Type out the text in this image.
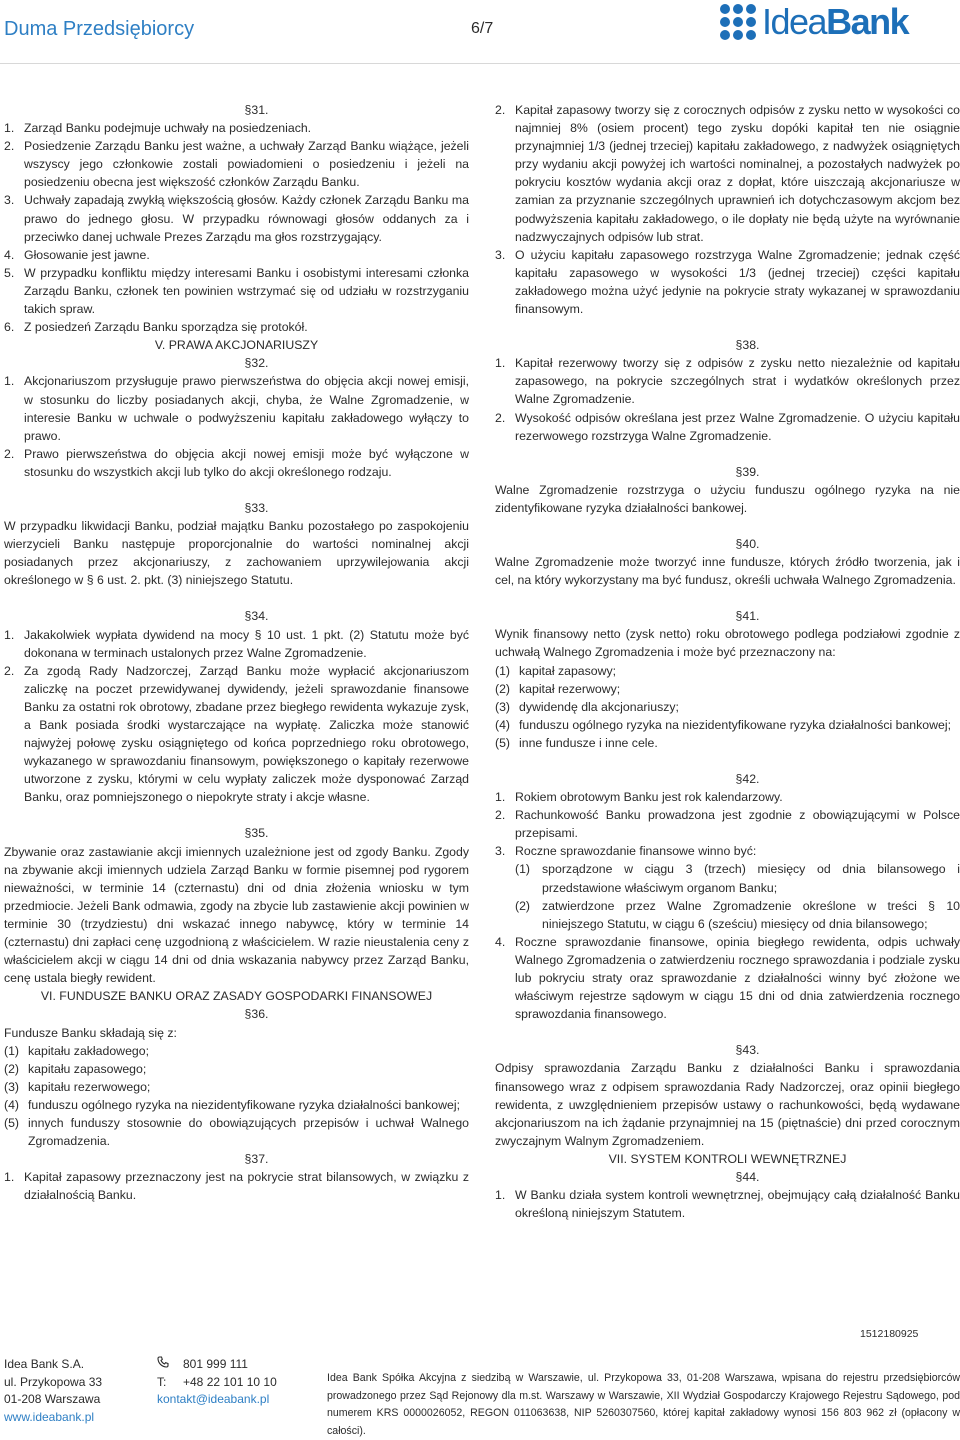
Duma Przedsiębiorcy	6/7	IdeaBank

§31.

1. Zarząd Banku podejmuje uchwały na posiedzeniach.
2. Posiedzenie Zarządu Banku jest ważne, a uchwały Zarząd Banku wiążące, jeżeli wszyscy jego członkowie zostali powiadomieni o posiedzeniu i jeżeli na posiedzeniu obecna jest większość członków Zarządu Banku.
3. Uchwały zapadają zwykłą większością głosów. Każdy członek Zarządu Banku ma prawo do jednego głosu. W przypadku równowagi głosów oddanych za i przeciwko danej uchwale Prezes Zarządu ma głos rozstrzygający.
4. Głosowanie jest jawne.
5. W przypadku konfliktu między interesami Banku i osobistymi interesami członka Zarządu Banku, członek ten powinien wstrzymać się od udziału w rozstrzyganiu takich spraw.
6. Z posiedzeń Zarządu Banku sporządza się protokół.

V. PRAWA AKCJONARIUSZY

§32.

1. Akcjonariuszom przysługuje prawo pierwszeństwa do objęcia akcji nowej emisji, w stosunku do liczby posiadanych akcji, chyba, że Walne Zgromadzenie, w interesie Banku w uchwale o podwyższeniu kapitału zakładowego wyłączy to prawo.
2. Prawo pierwszeństwa do objęcia akcji nowej emisji może być wyłączone w stosunku do wszystkich akcji lub tylko do akcji określonego rodzaju.

§33.

W przypadku likwidacji Banku, podział majątku Banku pozostałego po zaspokojeniu wierzycieli Banku następuje proporcjonalnie do wartości nominalnej akcji posiadanych przez akcjonariuszy, z zachowaniem uprzywilejowania akcji określonego w § 6 ust. 2. pkt. (3) niniejszego Statutu.

§34.

1. Jakakolwiek wypłata dywidend na mocy § 10 ust. 1 pkt. (2) Statutu może być dokonana w terminach ustalonych przez Walne Zgromadzenie.
2. Za zgodą Rady Nadzorczej, Zarząd Banku może wypłacić akcjonariuszom zaliczkę na poczet przewidywanej dywidendy, jeżeli sprawozdanie finansowe Banku za ostatni rok obrotowy, zbadane przez biegłego rewidenta wykazuje zysk, a Bank posiada środki wystarczające na wypłatę. Zaliczka może stanowić najwyżej połowę zysku osiągniętego od końca poprzedniego roku obrotowego, wykazanego w sprawozdaniu finansowym, powiększonego o kapitały rezerwowe utworzone z zysku, którymi w celu wypłaty zaliczek może dysponować Zarząd Banku, oraz pomniejszonego o niepokryte straty i akcje własne.

§35.

Zbywanie oraz zastawianie akcji imiennych uzależnione jest od zgody Banku. Zgody na zbywanie akcji imiennych udziela Zarząd Banku w formie pisemnej pod rygorem nieważności, w terminie 14 (czternastu) dni od dnia złożenia wniosku w tym przedmiocie. Jeżeli Bank odmawia, zgody na zbycie lub zastawienie akcji powinien w terminie 30 (trzydziestu) dni wskazać innego nabywcę, który w terminie 14 (czternastu) dni zapłaci cenę uzgodnioną z właścicielem. W razie nieustalenia ceny z właścicielem akcji w ciągu 14 dni od dnia wskazania nabywcy przez Zarząd Banku, cenę ustala biegły rewident.

VI. FUNDUSZE BANKU ORAZ ZASADY GOSPODARKI FINANSOWEJ

§36.

Fundusze Banku składają się z:

(1) kapitału zakładowego;
(2) kapitału zapasowego;
(3) kapitału rezerwowego;
(4) funduszu ogólnego ryzyka na niezidentyfikowane ryzyka działalności bankowej;
(5) innych funduszy stosownie do obowiązujących przepisów i uchwał Walnego Zgromadzenia.

§37.

1. Kapitał zapasowy przeznaczony jest na pokrycie strat bilansowych, w związku z działalnością Banku.
2. Kapitał zapasowy tworzy się z corocznych odpisów z zysku netto w wysokości co najmniej 8% (osiem procent) tego zysku dopóki kapitał ten nie osiągnie przynajmniej 1/3 (jednej trzeciej) kapitału zakładowego, z nadwyżek osiągniętych przy wydaniu akcji powyżej ich wartości nominalnej, a pozostałych nadwyżek po pokryciu kosztów wydania akcji oraz z dopłat, które uiszczają akcjonariusze w zamian za przyznanie szczególnych uprawnień ich dotychczasowym akcjom bez podwyższenia kapitału zakładowego, o ile dopłaty nie będą użyte na wyrównanie nadzwyczajnych odpisów lub strat.
3. O użyciu kapitału zapasowego rozstrzyga Walne Zgromadzenie; jednak część kapitału zapasowego w wysokości 1/3 (jednej trzeciej) części kapitału zakładowego można użyć jedynie na pokrycie straty wykazanej w sprawozdaniu finansowym.

§38.

1. Kapitał rezerwowy tworzy się z odpisów z zysku netto niezależnie od kapitału zapasowego, na pokrycie szczególnych strat i wydatków określonych przez Walne Zgromadzenie.
2. Wysokość odpisów określana jest przez Walne Zgromadzenie. O użyciu kapitału rezerwowego rozstrzyga Walne Zgromadzenie.

§39.

Walne Zgromadzenie rozstrzyga o użyciu funduszu ogólnego ryzyka na nie zidentyfikowane ryzyka działalności bankowej.

§40.

Walne Zgromadzenie może tworzyć inne fundusze, których źródło tworzenia, jak i cel, na który wykorzystany ma być fundusz, określi uchwała Walnego Zgromadzenia.

§41.

Wynik finansowy netto (zysk netto) roku obrotowego podlega podziałowi zgodnie z uchwałą Walnego Zgromadzenia i może być przeznaczony na:

(1) kapitał zapasowy;
(2) kapitał rezerwowy;
(3) dywidendę dla akcjonariuszy;
(4) funduszu ogólnego ryzyka na niezidentyfikowane ryzyka działalności bankowej;
(5) inne fundusze i inne cele.

§42.

1. Rokiem obrotowym Banku jest rok kalendarzowy.
2. Rachunkowość Banku prowadzona jest zgodnie z obowiązującymi w Polsce przepisami.
3. Roczne sprawozdanie finansowe winno być:
(1) sporządzone w ciągu 3 (trzech) miesięcy od dnia bilansowego i przedstawione właściwym organom Banku;
(2) zatwierdzone przez Walne Zgromadzenie określone w treści § 10 niniejszego Statutu, w ciągu 6 (sześciu) miesięcy od dnia bilansowego;
4. Roczne sprawozdanie finansowe, opinia biegłego rewidenta, odpis uchwały Walnego Zgromadzenia o zatwierdzeniu rocznego sprawozdania i podziale zysku lub pokryciu straty oraz sprawozdanie z działalności winny być złożone we właściwym rejestrze sądowym w ciągu 15 dni od dnia zatwierdzenia rocznego sprawozdania finansowego.

§43.

Odpisy sprawozdania Zarządu Banku z działalności Banku i sprawozdania finansowego wraz z odpisem sprawozdania Rady Nadzorczej, oraz opinii biegłego rewidenta, z uwzględnieniem przepisów ustawy o rachunkowości, będą wydawane akcjonariuszom na ich żądanie przynajmniej na 15 (piętnaście) dni przed corocznym zwyczajnym Walnym Zgromadzeniem.

VII. SYSTEM KONTROLI WEWNĘTRZNEJ

§44.

1. W Banku działa system kontroli wewnętrznej, obejmujący całą działalność Banku określoną niniejszym Statutem.
1512180925
Idea Bank S.A.
ul. Przykopowa 33
01-208 Warszawa
www.ideabank.pl
801 999 111
T:	+48 22 101 10 10
kontakt@ideabank.pl
Idea Bank Spółka Akcyjna z siedzibą w Warszawie, ul. Przykopowa 33, 01-208 Warszawa, wpisana do rejestru przedsiębiorców prowadzonego przez Sąd Rejonowy dla m.st. Warszawy w Warszawie, XII Wydział Gospodarczy Krajowego Rejestru Sądowego, pod numerem KRS 0000026052, REGON 011063638, NIP 5260307560, której kapitał zakładowy wynosi 156 803 962 zł (opłacony w całości).
